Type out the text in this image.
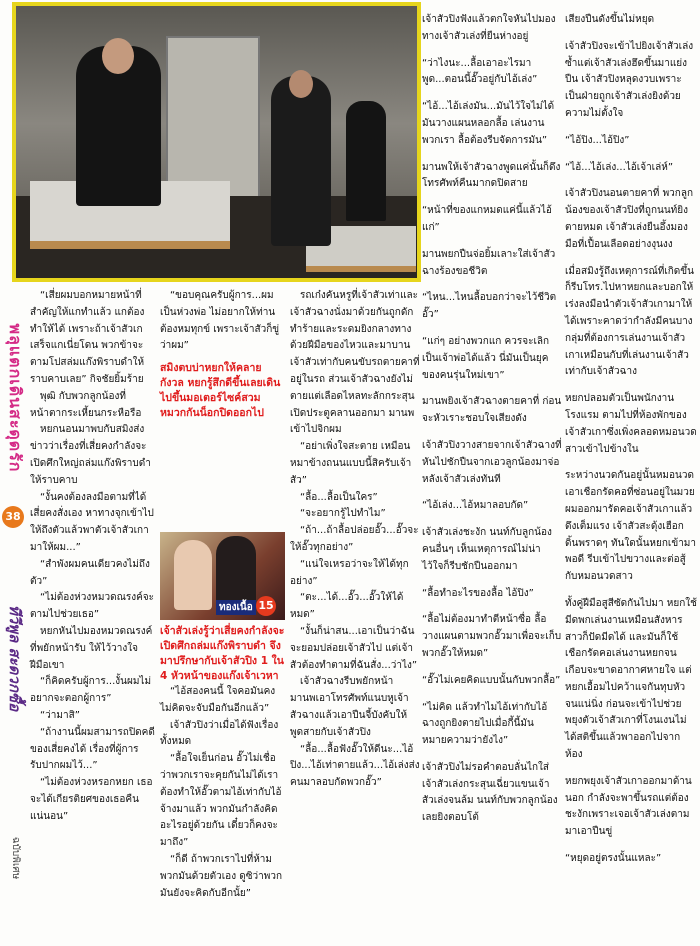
พลุแตกเดินสะดุดรัก
38
ทีวีพูล สะดวกซื้อ
ฉบับพิเศษ

“เสี่ยผมบอกหมายหน้าที่สำคัญให้แกทำแล้ว แกต้องทำให้ได้ เพราะถ้าเจ้าสัวเกเสร็จแกเนี่ยโดน พวกข้าจะตามโปสล่มแก๊งพิราบดำให้ราบคาบเลย” กิจชัยยิ้มร้าย

พุฒิ กับพวกลูกน้องที่หน้าตากระเหี้ยนกระหือรือ

หยกนอนมาพบกับสมิงส่งข่าวว่าเรื่องที่เสี่ยคงกำลังจะเปิดศึกใหญ่ถล่มแก๊งพิราบดำให้ราบคาบ

“งั้นคงต้องลงมือตามที่ได้เสี่ยคงสั่งเอง หาทางจุกเข้าไปให้ถึงตัวแล้วพาตัวเจ้าสัวเกามาให้ผม...”

“สำพังผมคนเดียวคงไม่ถึงตัว”

“ไม่ต้องห่วงหมวดณรงค์จะตามไปช่วยเธอ”

หยกหันไปมองหมวดณรงค์ที่พยักหน้ารับ ให้ไว้วางใจฝีมือเขา

“ก็คิดครับผู้การ...งั้นผมไม่อยากจะตอกผู้การ”

“ว่ามาสิ”

“ถ้างานนี้ผมสามารถปิดคดีของเสี่ยคงได้ เรื่องที่ผู้การรับปากผมไว้...”

“ไม่ต้องห่วงหรอกหยก เธอจะได้เกียรติยศของเธอคืนแน่นอน”

“ขอบคุณครับผู้การ...ผมเป็นห่วงพ่อ ไม่อยากให้ท่านต้องหมทุกข์ เพราะเจ้าสัวก็ขู่ว่าผม”

สมิงตบบ่าหยกให้คลายกังวล หยกรู้สึกดีขึ้นเลยเดินไปขึ้นมอเตอร์ไซค์สวมหมวกกันน็อกปิดออกไป

ทองเนื้อ 15

เจ้าสัวเล่งรู้ว่าเสี่ยคงกำลังจะเปิดศึกถล่มแก๊งพิราบดำ จึงมาปรึกษากับเจ้าสัวปิง 1 ใน 4 หัวหน้าของแก๊งเจ้าเวหา

“ไอ้สองคนนี้ ใจคอมันคงไม่คิดจะจับมือกันอีกแล้ว”

เจ้าสัวปิงว่าเมื่อได้ฟังเรื่องทั้งหมด

“ลื้อใจเย็นก่อน อั๊วไม่เชื่อว่าพวกเราจะคุยกันไม่ได้เราต้องทำให้อั๊วตามไอ้เท่ากับไอ้จ้างมาแล้ว พวกมันกำลังคิดอะไรอยู่ด้วยกัน เดี๋ยวก็คงจะมาถึง”

“ก็ดี ถ้าพวกเราไปที่ห้ามพวกมันด้วยตัวเอง ดูซิว่าพวกมันยังจะคิดกับอีกนั้ย”

รถเก๋งคันหรูที่เจ้าสัวเท่าและเจ้าสัวฉางนั่งมาด้วยกันถูกดักทำร้ายและระดมยิงกลางทาง ด้วยฝีมือของไหวและมาบาน เจ้าสัวเท่ากับคนขับรถตายคาที่อยู่ในรถ ส่วนเจ้าสัวฉางยังไม่ตายแต่เลือดไหลทะลักกระสุนเปิดประตูคลานออกมา มานพเข้าไปจิกผม

“อย่าเพิ่งใจสะตาย เหมือนหมาข้างถนนแบบนี้สิครับเจ้าสัว”

“ลื้อ...ลื้อเป็นใคร”

“จะอยากรู้ไปทำไม”

“ถ้า...ถ้าลื้อปล่อยอั๊ว...อั๊วจะให้อั๊วทุกอย่าง”

“แน่ใจเหรอว่าจะให้ได้ทุกอย่าง”

“ตะ...ได้...อั๊ว...อั๊วให้ได้หมด”

“งั้นก็น่าสน...เอาเป็นว่าฉันจะยอมปล่อยเจ้าสัวไป แต่เจ้าสัวต้องทำตามที่ฉันสั่ง...ว่าไง”

เจ้าสัวฉางรีบพยักหน้า มานพเอาโทรศัพท์แนบหูเจ้าสัวฉางแล้วเอาปืนจี้บังคับให้พูดสายกับเจ้าสัวปิง

“ลื้อ...ลื้อฟังอั๊วให้ดีนะ...ไอ้ปิง...ไอ้เท่าตายแล้ว...ไอ้เล่งส่งคนมาลอบกัดพวกอั๊ว”

เจ้าสัวปิงฟังแล้วตกใจหันไปมองทางเจ้าสัวเล่งที่ยืนห่างอยู่

“ว่าไงนะ...ลื้อเอาอะไรมาพูด...ตอนนี้อั๊วอยู่กับไอ้เล่ง”

“ไอ้...ไอ้เล่งมัน...มันไว้ใจไม่ได้ มันวางแผนหลอกลื้อ เล่นงานพวกเรา ลื้อต้องรีบจัดการมัน”

มานพให้เจ้าสัวฉางพูดแค่นั้นก็ดึงโทรศัพท์คืนมากดปิดสาย

“หน้าที่ของแกหมดแค่นี้แล้วไอ้แก่”

มานพยกปืนจ่อยิ้มเลาะใส่เจ้าสัวฉางร้องขอชีวิต

“ไหน...ไหนลื้อบอกว่าจะไว้ชีวิตอั๊ว”

“แก่ๆ อย่างพวกแก ควรจะเลิกเป็นเจ้าพ่อได้แล้ว นี่มันเป็นยุคของคนรุ่นใหม่เขา”

มานพยิงเจ้าสัวฉางตายคาที่ ก่อนจะหัวเราะชอบใจเสียงดัง

เจ้าสัวปิงวางสายจากเจ้าสัวฉางที่หันไปชักปืนจากเอวลูกน้องมาจ่อหลังเจ้าสัวเล่งทันที

“ไอ้เล่ง...ไอ้หมาลอบกัด”

เจ้าสัวเล่งชะงัก นนท์กับลูกน้องคนอื่นๆ เห็นเหตุการณ์ไม่น่าไว้ใจก็รีบชักปืนออกมา

“ลื้อทำอะไรของลื้อ ไอ้ปิง”

“ลื้อไม่ต้องมาทำตีหน้าซื่อ ลื้อวางแผนตามพวกอั๊วมาเพื่อจะเก็บพวกอั๊วให้หมด”

“อั๊วไม่เคยคิดแบบนั้นกับพวกลื้อ”

“ไม่คิด แล้วทำไมไอ้เท่ากับไอ้ฉางถูกยิงตายไปเมื่อกี้นี้มันหมายความว่ายังไง”

เจ้าสัวปิงไม่รอคำตอบลั่นไกใส่เจ้าสัวเล่งกระสุนเฉี่ยวแขนเจ้าสัวเล่งจนล้ม นนท์กับพวกลูกน้องเลยยิงตอบโต้

เสียงปืนดังขึ้นไม่หยุด

เจ้าสัวปิงจะเข้าไปยิงเจ้าสัวเล่งซ้ำแต่เจ้าสัวเล่งฮึดขึ้นมาแย่งปืน เจ้าสัวปิงหลุดงวบเพราะเป็นฝ่ายถูกเจ้าสัวเล่งยิงด้วยความไม่ตั้งใจ

“ไอ้ปิง...ไอ้ปิง”

“ไอ้...ไอ้เล่ง...ไอ้เจ้าเล่ห์”

เจ้าสัวปิงนอนตายคาที่ พวกลูกน้องของเจ้าสัวปิงที่ถูกนนท์ยิงตายหมด เจ้าสัวเล่งยืนอึ้งมองมือที่เปื้อนเลือดอย่างงุนงง

เมื่อสมิงรู้ถึงเหตุการณ์ที่เกิดขึ้น ก็รีบโทร.ไปหาหยกและบอกให้เร่งลงมือนำตัวเจ้าสัวเกามาให้ได้เพราะคาดว่ากำลังมีคนบางกลุ่มที่ต้องการเล่นงานเจ้าสัวเกาเหมือนกับที่เล่นงานเจ้าสัวเท่ากับเจ้าสัวฉาง

หยกปลอมตัวเป็นพนักงานโรงแรม ตามไปที่ห้องพักของเจ้าสัวเกาซึ่งเพิ่งคลอดหมอนวดสาวเข้าไปข้างใน

ระหว่างนวดกันอยู่นั้นหมอนวดเอาเชือกรัดคอที่ซ่อนอยู่ในมวยผมออกมารัดคอเจ้าสัวเกาแล้วดึงเต็มแรง เจ้าสัวสะดุ้งเฮือกดิ้นพราดๆ ทันใดนั้นหยกเข้ามาพอดี รีบเข้าไปขวางและต่อสู้กับหมอนวดสาว

ทั้งคู่ฝีมือสูสีซัดกันไปมา หยกใช้มีดพกเล่นงานเหมือนสังหารสาวก็ปัดมีดได้ และมันก็ใช้เชือกรัดคอเล่นงานหยกจนเกือบจะขาดอากาศหายใจ แต่หยกเอื้อมไปคว้าแจกันทุบหัวจนแน่นิ่ง ก่อนจะเข้าไปช่วยพยุงตัวเจ้าสัวเกาที่โงนเงนไม่ได้สติขึ้นแล้วพาออกไปจากห้อง

หยกพยุงเจ้าสัวเกาออกมาด้านนอก กำลังจะพาขึ้นรถแต่ต้องชะงักเพราะเจอเจ้าสัวเล่งตามมาเอาปืนขู่

“หยุดอยู่ตรงนั้นแหละ”
